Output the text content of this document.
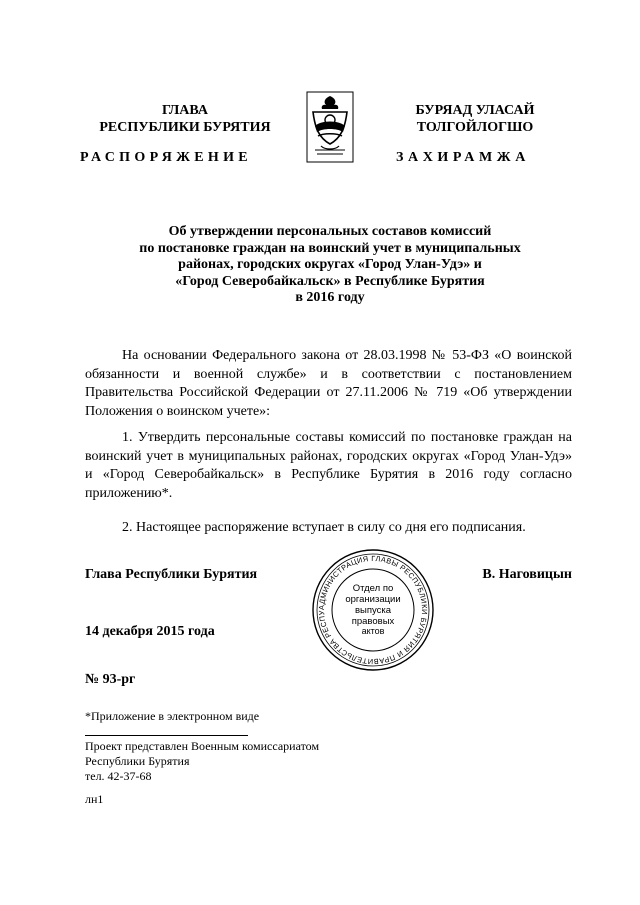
ГЛАВА
РЕСПУБЛИКИ БУРЯТИЯ
БУРЯАД УЛАСАЙ
ТОЛГОЙЛОГШО
РАСПОРЯЖЕНИЕ	ЗАХИРАМЖА
Об утверждении персональных составов комиссий
по постановке граждан на воинский учет в муниципальных
районах, городских округах «Город Улан-Удэ» и
«Город Северобайкальск» в Республике Бурятия
в 2016 году
На основании Федерального закона от 28.03.1998 № 53-ФЗ «О воинской обязанности и военной службе» и в соответствии с постановлением Правительства Российской Федерации от 27.11.2006 № 719 «Об утверждении Положения о воинском учете»:
1. Утвердить персональные составы комиссий по постановке граждан на воинский учет в муниципальных районах, городских округах «Город Улан-Удэ» и «Город Северобайкальск» в Республике Бурятия в 2016 году согласно приложению*.
2. Настоящее распоряжение вступает в силу со дня его подписания.
Глава Республики Бурятия	В. Наговицын
14 декабря 2015 года
№ 93-рг
АДМИНИСТРАЦИЯ ГЛАВЫ РЕСПУБЛИКИ БУРЯТИЯ И ПРАВИТЕЛЬСТВА РЕСПУ
Отдел по
организации
выпуска
правовых
актов
*Приложение в электронном виде
Проект представлен Военным комиссариатом
Республики Бурятия
тел. 42-37-68
лн1
